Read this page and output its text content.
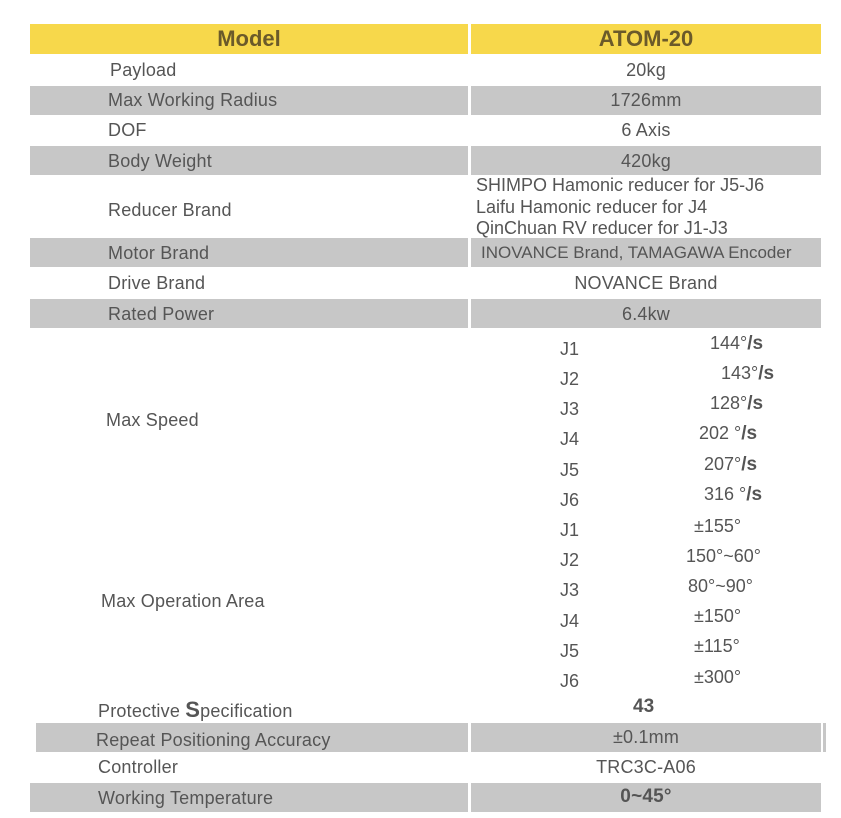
Model	ATOM-20
Payload	20kg
Max Working Radius	1726mm
DOF	6 Axis
Body Weight	420kg
Reducer Brand
SHIMPO Hamonic reducer for J5-J6
Laifu Hamonic reducer for J4
QinChuan RV reducer for J1-J3
Motor Brand	INOVANCE Brand, TAMAGAWA Encoder
Drive Brand	NOVANCE Brand
Rated Power	6.4kw
Max Speed
J1	144°/s
J2	143°/s
J3	128°/s
J4	202 °/s
J5	207°/s
J6	316 °/s
Max Operation Area
J1	±155°
J2	150°~60°
J3	80°~90°
J4	±150°
J5	±115°
J6	±300°
Protective Specification	43
Repeat Positioning Accuracy	±0.1mm
Controller	TRC3C-A06
Working Temperature	0~45°
